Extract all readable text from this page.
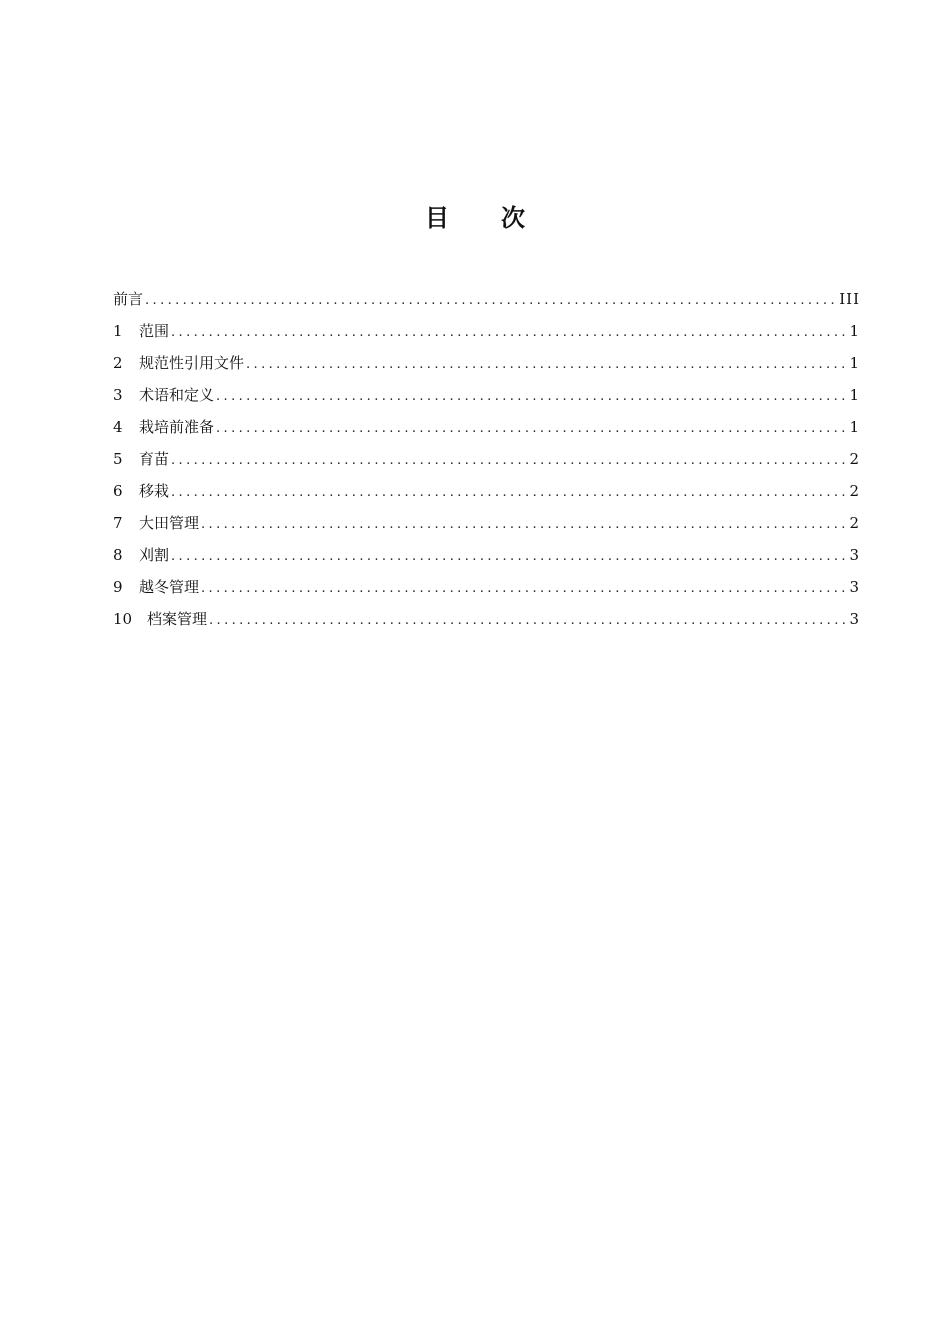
目 次
前言 .....	III
1	范围 .....	1
2	规范性引用文件 .....	1
3	术语和定义 .....	1
4	栽培前准备 .....	1
5	育苗 .....	2
6	移栽 .....	2
7	大田管理 .....	2
8	刈割 .....	3
9	越冬管理 .....	3
10 档案管理 .....	3
